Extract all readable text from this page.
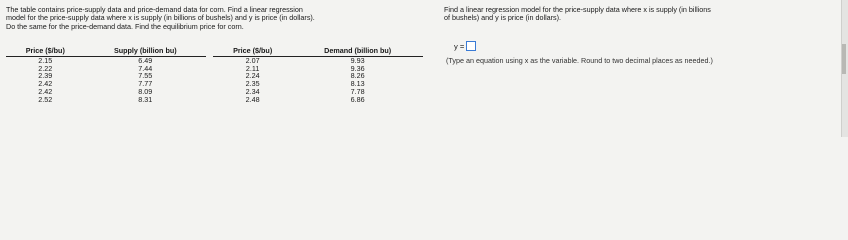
The table contains price-supply data and price-demand data for corn. Find a linear regression
model for the price-supply data where x is supply (in billions of bushels) and y is price (in dollars).
Do the same for the price-demand data. Find the equilibrium price for corn.
Price ($/bu)	Supply (billion bu)
2.15	6.49
2.22	7.44
2.39	7.55
2.42	7.77
2.42	8.09
2.52	8.31
Price ($/bu)	Demand (billion bu)
2.07	9.93
2.11	9.36
2.24	8.26
2.35	8.13
2.34	7.78
2.48	6.86
Find a linear regression model for the price-supply data where x is supply (in billions
of bushels) and y is price (in dollars).
y =
(Type an equation using x as the variable. Round to two decimal places as needed.)
